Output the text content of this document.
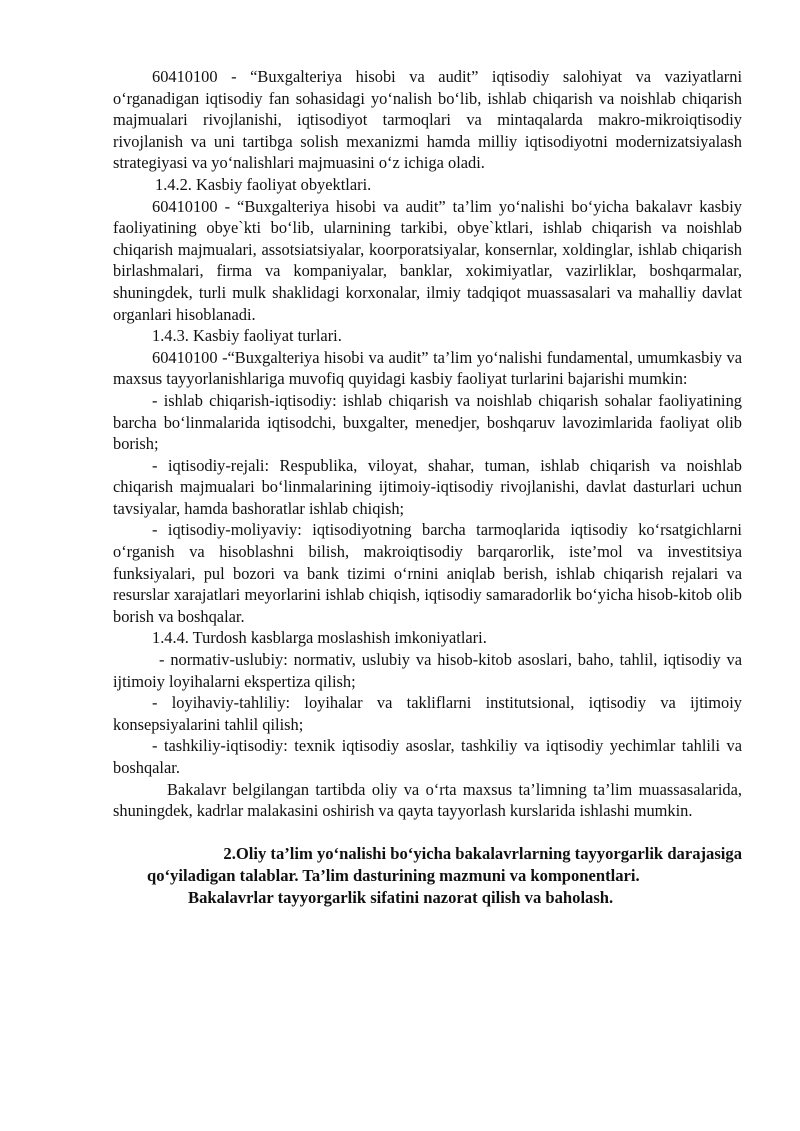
60410100 - “Buxgalteriya hisobi va audit” iqtisodiy salohiyat va vaziyatlarni o‘rganadigan iqtisodiy fan sohasidagi yo‘nalish bo‘lib, ishlab chiqarish va noishlab chiqarish majmualari rivojlanishi, iqtisodiyot tarmoqlari va mintaqalarda makro-mikroiqtisodiy rivojlanish va uni tartibga solish mexanizmi hamda milliy iqtisodiyotni modernizatsiyalash strategiyasi va yo‘nalishlari majmuasini o‘z ichiga oladi.

1.4.2. Kasbiy faoliyat obyektlari.

60410100 - “Buxgalteriya hisobi va audit” ta’lim yo‘nalishi bo‘yicha bakalavr kasbiy faoliyatining obye`kti bo‘lib, ularnining tarkibi, obye`ktlari, ishlab chiqarish va noishlab chiqarish majmualari, assotsiatsiyalar, koorporatsiyalar, konsernlar, xoldinglar, ishlab chiqarish birlashmalari, firma va kompaniyalar, banklar, xokimiyatlar, vazirliklar, boshqarmalar, shuningdek, turli mulk shaklidagi korxonalar, ilmiy tadqiqot muassasalari va mahalliy davlat organlari hisoblanadi.

1.4.3. Kasbiy faoliyat turlari.

60410100 -“Buxgalteriya hisobi va audit” ta’lim yo‘nalishi fundamental, umumkasbiy va maxsus tayyorlanishlariga muvofiq quyidagi kasbiy faoliyat turlarini bajarishi mumkin:

- ishlab chiqarish-iqtisodiy: ishlab chiqarish va noishlab chiqarish sohalar faoliyatining barcha bo‘linmalarida iqtisodchi, buxgalter, menedjer, boshqaruv lavozimlarida faoliyat olib borish;

- iqtisodiy-rejali: Respublika, viloyat, shahar, tuman, ishlab chiqarish va noishlab chiqarish majmualari bo‘linmalarining ijtimoiy-iqtisodiy rivojlanishi, davlat dasturlari uchun tavsiyalar, hamda bashoratlar ishlab chiqish;

- iqtisodiy-moliyaviy: iqtisodiyotning barcha tarmoqlarida iqtisodiy ko‘rsatgichlarni o‘rganish va hisoblashni bilish, makroiqtisodiy barqarorlik, iste’mol va investitsiya funksiyalari, pul bozori va bank tizimi o‘rnini aniqlab berish, ishlab chiqarish rejalari va resurslar xarajatlari meyorlarini ishlab chiqish, iqtisodiy samaradorlik bo‘yicha hisob-kitob olib borish va boshqalar.

1.4.4. Turdosh kasblarga moslashish imkoniyatlari.

- normativ-uslubiy: normativ, uslubiy va hisob-kitob asoslari, baho, tahlil, iqtisodiy va ijtimoiy loyihalarni ekspertiza qilish;

- loyihaviy-tahliliy: loyihalar va takliflarni institutsional, iqtisodiy va ijtimoiy konsepsiyalarini tahlil qilish;

- tashkiliy-iqtisodiy: texnik iqtisodiy asoslar, tashkiliy va iqtisodiy yechimlar tahlili va boshqalar.

Bakalavr belgilangan tartibda oliy va o‘rta maxsus ta’limning ta’lim muassasalarida, shuningdek, kadrlar malakasini oshirish va qayta tayyorlash kurslarida ishlashi mumkin.

2.Oliy ta’lim yo‘nalishi bo‘yicha bakalavrlarning tayyorgarlik darajasiga
qo‘yiladigan talablar. Ta’lim dasturining mazmuni va komponentlari.
Bakalavrlar tayyorgarlik sifatini nazorat qilish va baholash.
